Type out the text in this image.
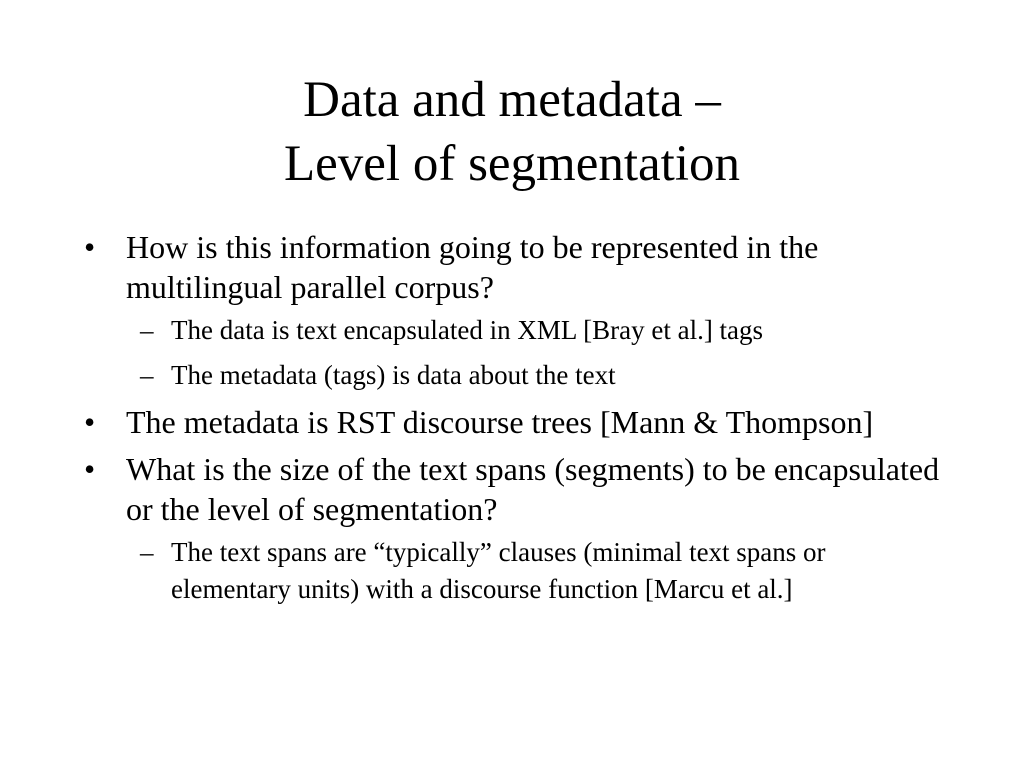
Data and metadata –
Level of segmentation
• How is this information going to be represented in the multilingual parallel corpus?
– The data is text encapsulated in XML [Bray et al.] tags
– The metadata (tags) is data about the text
• The metadata is RST discourse trees [Mann & Thompson]
• What is the size of the text spans (segments) to be encapsulated or the level of segmentation?
– The text spans are “typically” clauses (minimal text spans or elementary units) with a discourse function [Marcu et al.]
